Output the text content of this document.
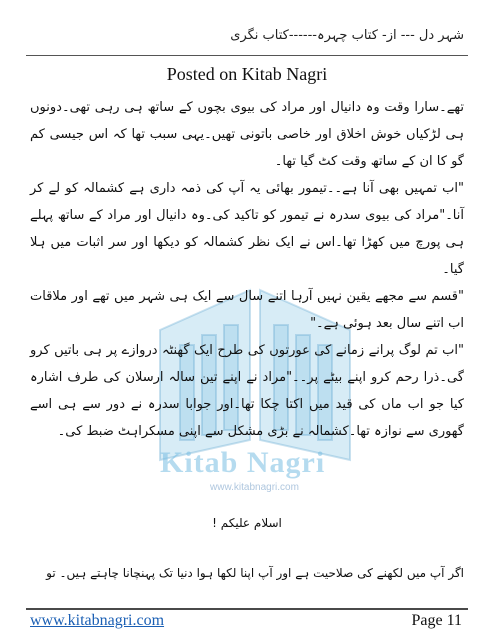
شہر دل --- از- کتاب چہرہ------کتاب نگری
Posted on Kitab Nagri
Kitab Nagri
www.kitabnagri.com

تھے۔سارا وقت وہ دانیال اور مراد کی بیوی بچوں کے ساتھ ہی رہی تھی۔دونوں ہی لڑکیاں خوش اخلاق اور خاصی باتونی تھیں۔یہی سبب تھا کہ اس جیسی کم گو کا ان کے ساتھ وقت کٹ گیا تھا۔

"اب تمہیں بھی آنا ہے۔۔تیمور بھائی یہ آپ کی ذمہ داری ہے کشمالہ کو لے کر آنا۔"مراد کی بیوی سدرہ نے تیمور کو تاکید کی۔وہ دانیال اور مراد کے ساتھ پہلے ہی پورچ میں کھڑا تھا۔اس نے ایک نظر کشمالہ کو دیکھا اور سر اثبات میں ہلا گیا۔

"قسم سے مجھے یقین نہیں آرہا اتنے سال سے ایک ہی شہر میں تھے اور ملاقات اب اتنے سال بعد ہوئی ہے۔"

"اب تم لوگ پرانے زمانے کی عورتوں کی طرح ایک گھنٹہ دروازے پر ہی باتیں کرو گی۔ذرا رحم کرو اپنے بیٹے پر۔۔"مراد نے اپنے تین سالہ ارسلان کی طرف اشارہ کیا جو اب ماں کی قید میں اکتا چکا تھا۔اور جوابا سدرہ نے دور سے ہی اسے گھوری سے نوازہ تھا۔کشمالہ نے بڑی مشکل سے اپنی مسکراہٹ ضبط کی۔

اسلام علیکم !
اگر آپ میں لکھنے کی صلاحیت ہے اور آپ اپنا لکھا ہوا دنیا تک پہنچانا چاہتے ہیں۔ تو
www.kitabnagri.com	Page 11
